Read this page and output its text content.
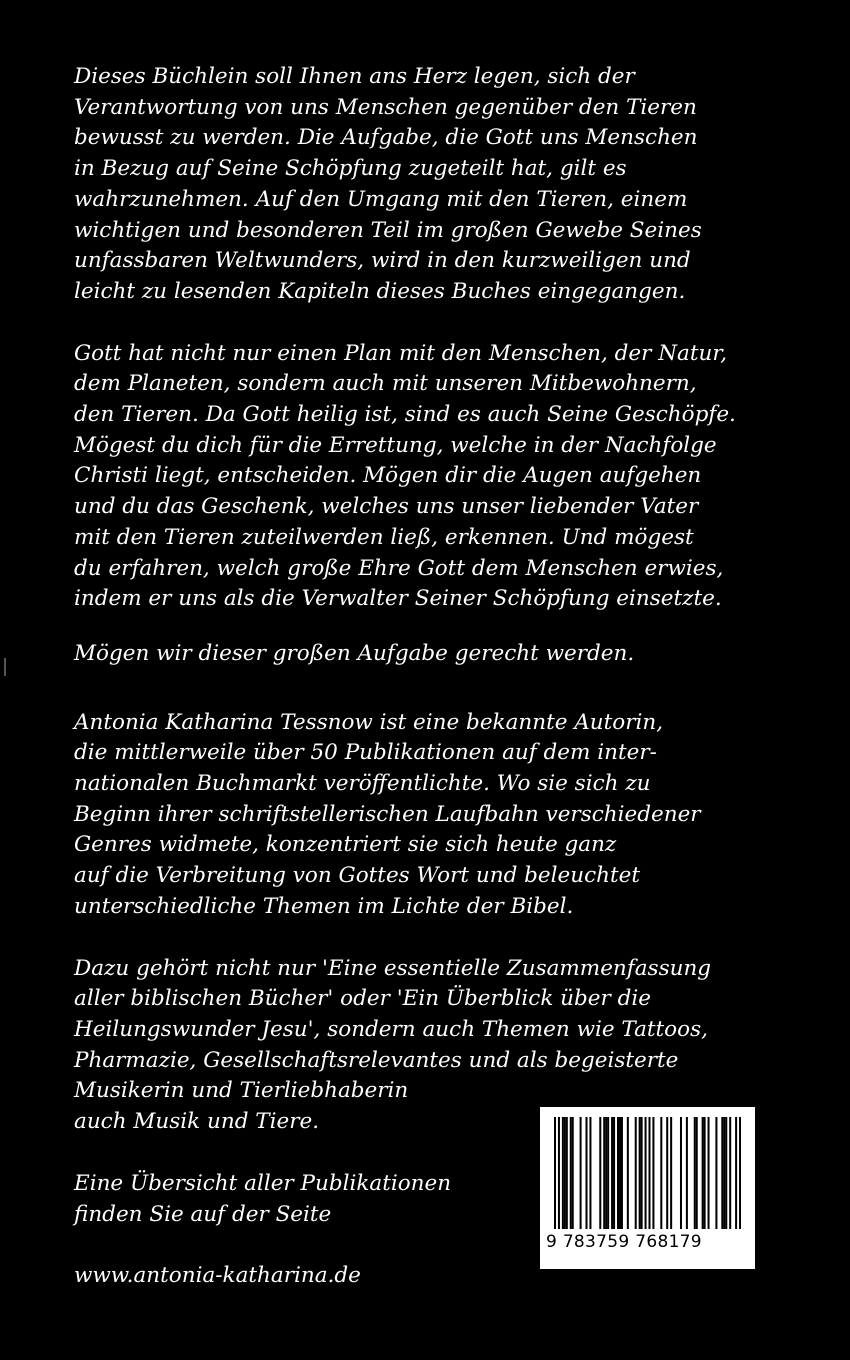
Dieses Büchlein soll Ihnen ans Herz legen, sich der
Verantwortung von uns Menschen gegenüber den Tieren
bewusst zu werden. Die Aufgabe, die Gott uns Menschen
in Bezug auf Seine Schöpfung zugeteilt hat, gilt es
wahrzunehmen. Auf den Umgang mit den Tieren, einem
wichtigen und besonderen Teil im großen Gewebe Seines
unfassbaren Weltwunders, wird in den kurzweiligen und
leicht zu lesenden Kapiteln dieses Buches eingegangen.
Gott hat nicht nur einen Plan mit den Menschen, der Natur,
dem Planeten, sondern auch mit unseren Mitbewohnern,
den Tieren. Da Gott heilig ist, sind es auch Seine Geschöpfe.
Mögest du dich für die Errettung, welche in der Nachfolge
Christi liegt, entscheiden. Mögen dir die Augen aufgehen
und du das Geschenk, welches uns unser liebender Vater
mit den Tieren zuteilwerden ließ, erkennen. Und mögest
du erfahren, welch große Ehre Gott dem Menschen erwies,
indem er uns als die Verwalter Seiner Schöpfung einsetzte.
Mögen wir dieser großen Aufgabe gerecht werden.
Antonia Katharina Tessnow ist eine bekannte Autorin,
die mittlerweile über 50 Publikationen auf dem inter-
nationalen Buchmarkt veröffentlichte. Wo sie sich zu
Beginn ihrer schriftstellerischen Laufbahn verschiedener
Genres widmete, konzentriert sie sich heute ganz
auf die Verbreitung von Gottes Wort und beleuchtet
unterschiedliche Themen im Lichte der Bibel.
Dazu gehört nicht nur 'Eine essentielle Zusammenfassung
aller biblischen Bücher' oder 'Ein Überblick über die
Heilungswunder Jesu', sondern auch Themen wie Tattoos,
Pharmazie, Gesellschaftsrelevantes und als begeisterte
Musikerin und Tierliebhaberin
auch Musik und Tiere.
Eine Übersicht aller Publikationen
finden Sie auf der Seite
www.antonia-katharina.de
9 783759 768179
